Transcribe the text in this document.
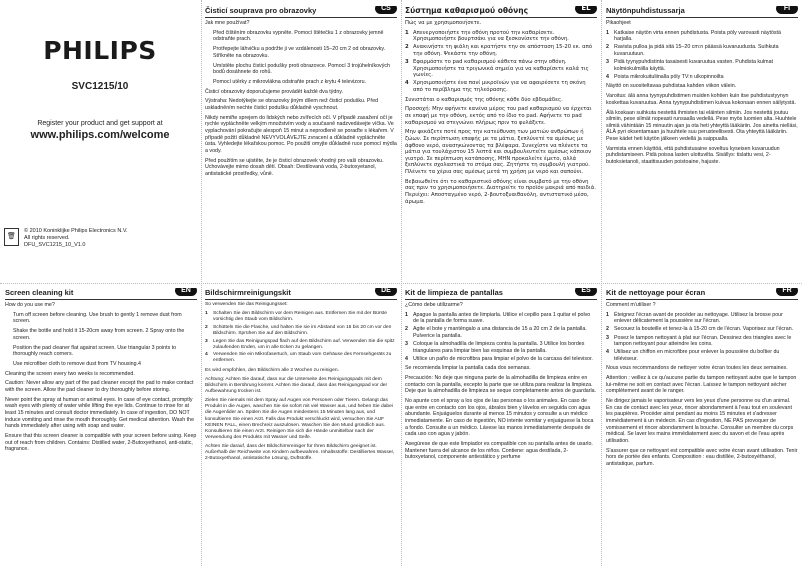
PHILIPS
SVC1215/10
Register your product and get support at
www.philips.com/welcome
🗑
© 2010 Koninklijke Philips Electronics N.V.
All rights reserved.
DFU_SVC1215_10_V1.0
Čisticí souprava pro obrazovky	CS

Jak mne používat?

Před čištěním obrazovku vypněte. Pomocí štětečku 1 z obrazovky jemně odstraňte prach.

Protřepejte láhvičku a podržte ji ve vzdálenosti 15–20 cm 2 od obrazovky. Stříkněte na obrazovku.

Umístěte plochu čisticí podušky proti obrazovce. Pomocí 3 trojúhelníkových bodů dosáhnete do rohů.

Pomocí utěrky z mikrovlákna odstraňte prach z krytu 4 televizoru.

Čisticí obrazovky doporučujeme provádět každé dva týdny.

Výstraha: Nedotýkejte se obrazovky jiným dílem než čisticí podušku. Před uskladněním nechte čisticí podušku důkladně vyschnout.

Nikdy nemiřte sprejem do lidských nebo zvířecích očí. V případě zasažení očí je rychle vypláchněte velkým množstvím vody a současně nadzvedávejte víčka. Ve vyplachování pokračujte alespoň 15 minut a neprodleně se poraďte s lékařem. V případě požití důkladně NEVYVOLÁVEJTE zvracení a důkladně vypláchněte ústa. Vyhledejte lékařskou pomoc. Po použití omyjte důkladně ruce pomocí mýdla a vody.

Před použitím se ujistěte, že je čisticí obrazovek vhodný pro vaši obrazovku. Uchovávejte mimo dosah dětí. Obsah: Destilovaná voda, 2-butoxyetanol, antistatické prostředky, vůně.

Σύστημα καθαρισμού οθόνης	EL

Πώς να με χρησιμοποιήσετε.

1 Απενεργοποιήστε την οθόνη προτού την καθαρίσετε. Χρησιμοποιήστε βουρτσάκι για να ξεσκονίσετε την οθόνη.
2 Ανακινήστε τη φιάλη και κρατήστε την σε απόσταση 15-20 εκ. από την οθόνη. Ψεκάστε την οθόνη.
3 Εφαρμόστε το pad καθαρισμού κάθετα πάνω στην οθόνη. Χρησιμοποιήστε τα τριγωνικά σημεία για να καθαρίσετε καλά τις γωνίες.
4 Χρησιμοποιήστε ένα πανί μικροϊνών για να αφαιρέσετε τη σκόνη από το περίβλημα της τηλεόρασης.

Συνιστάται ο καθαρισμός της οθόνης κάθε δύο εβδομάδες.

Προσοχή: Μην αφήνετε κανένα μέρος του pad καθαρισμού να έρχεται σε επαφή με την οθόνη, εκτός από το ίδιο το pad. Αφήνετε το pad καθαρισμού να στεγνώνει πλήρως πριν το φυλάξετε.

Μην ψεκάζετε ποτέ προς την κατεύθυνση των ματιών ανθρώπων ή ζώων. Σε περίπτωση επαφής με τα μάτια, ξεπλύνετέ τα αμέσως με άφθονο νερό, ανασηκώνοντας τα βλέφαρα. Συνεχίστε να πλένετε τα μάτια για τουλάχιστον 15 λεπτά και συμβουλευτείτε αμέσως κάποιον γιατρό. Σε περίπτωση κατάποσης, ΜΗΝ προκαλείτε έμετο, αλλά ξεπλύνετε σχολαστικά το στόμα σας. Ζητήστε τη συμβουλή γιατρού. Πλένετε τα χέρια σας αμέσως μετά τη χρήση με νερό και σαπούνι.

Βεβαιωθείτε ότι το καθαριστικό οθόνης είναι συμβατό με την οθόνη σας πριν το χρησιμοποιήσετε. Διατηρείτε το προϊόν μακριά από παιδιά. Περιέχει: Αποσταγμένο νερό, 2-βουτοξυαιθανόλη, αντιστατικό μέσο, άρωμα.

Näytönpuhdistussarja	FI

Pikaohjeet

1 Katkaise näytön virta ennen puhdistusta. Poista pöly varovasti näytöstä harjalla.
2 Ravista pulloa ja pidä sitä 15–20 cm:n päässä kuvaruudusta. Suihkuta kuvaruutuun.
3 Pidä tyynypuhdistinta tasaisesti kuvaruutua vasten. Puhdista kulmat kolmiokulmiilla käyttä.
4 Poista mikrokuituliinalla pöly TV:n ulkopinnoilta

Näyttö on suositeltavaa puhdistaa kahden viikon välein.

Varoitus: älä anna tyynypuhdistimen muiden kohtien kuin itse puhdistustyynyn koskettaa kuvaruutua. Anna tyynypuhdistimen kuivua kokonaan ennen säilytystä.

Älä koskaan suihkuta nestettä ihmisten tai eläinten silmiin. Jos nestettä joutuu silmiin, pese silmät nopeasti runsaalla vedellä. Pese myös luomien alta. Huuhtele silmiä vähintään 15 minuutin ajan ja ota heti yhteyttä lääkäriin. Jos ainetta nielläsi, ÄLÄ pyri oksentamaan ja huuhtele suu perusteellisesti. Ota yhteyttä lääkäriin. Pese kädet heti käytön jälkeen vedellä ja saippualla.

Varmista ennen käyttöä, että puhdistusaine soveltuu kyseisen kuvaruudun puhdistamiseen. Pidä poissa lasten ulottuvilta. Sisällys: tislattu vesi, 2-butoksietanoli, staattisuuden poistoaine, hajuste.

Screen cleaning kit	EN

How do you use me?

Turn off screen before cleaning. Use brush to gently 1 remove dust from screen.

Shake the bottle and hold it 15-20cm away from screen. 2 Spray onto the screen.

Position the pad cleaner flat against screen. Use triangular 3 points to thoroughly reach corners.

Use microfiber cloth to remove dust from TV housing.4

Cleaning the screen every two weeks is recommended.

Caution: Never allow any part of the pad cleaner except the pad to make contact with the screen. Allow the pad cleaner to dry thoroughly before storing.

Never point the spray at human or animal eyes. In case of eye contact, promptly wash eyes with plenty of water while lifting the eye lids. Continue to rinse for at least 15 minutes and consult doctor immediately. In case of ingestion, DO NOT induce vomiting and rinse the mouth thoroughly. Get medical attention. Wash the hands immediately after using with soap and water.

Ensure that this screen cleaner is compatible with your screen before using. Keep out of reach from children. Contains: Distilled water, 2-Butoxyethanol, anti-static, fragrance.

Bildschirmreinigungskit	DE

So verwenden Sie das Reinigungsset:

1 Schalten Sie den Bildschirm vor dem Reinigen aus. Entfernen Sie mit der Bürste vorsichtig den Staub vom Bildschirm.
2 Schütteln Sie die Flasche, und halten Sie sie im Abstand von 15 bis 20 cm vor den Bildschirm. Sprühen Sie auf den Bildschirm.
3 Legen Sie das Reinigungspad flach auf den Bildschirm auf. Verwenden Sie die spitz zulaufenden Enden, um in alle Ecken zu gelangen.
4 Verwenden Sie ein Mikrofasertuch, um Staub vom Gehäuse des Fernsehgeräts zu entfernen.

Es wird empfohlen, den Bildschirm alle 2 Wochen zu reinigen.

Achtung: Achten Sie darauf, dass nur die Unterseite des Reinigungspads mit dem Bildschirm in Berührung kommt. Achten Sie darauf, dass das Reinigungspad vor der Aufbewahrung trocken ist.

Zielen Sie niemals mit dem Spray auf Augen von Personen oder Tieren. Gelangt das Produkt in die Augen, waschen Sie sie sofort mit viel Wasser aus, und heben Sie dabei die Augenlider an. Spülen Sie die Augen mindestens 15 Minuten lang aus, und konsultieren Sie einen Arzt. Falls das Produkt verschluckt wird, versuchen Sie AUF KEINEN FALL, einen Brechreiz auszulösen. Waschen Sie den Mund gründlich aus. Konsultieren Sie einen Arzt. Reinigen Sie sich die Hände unmittelbar nach der Verwendung des Produkts mit Wasser und Seife.

Achten Sie darauf, dass der Bildschirmreiniger für Ihren Bildschirm geeignet ist. Außerhalb der Reichweite von Kindern aufbewahren. Inhaltsstoffe: Destilliertes Wasser, 2-Butoxyethanol, antistatische Lösung, Duftstoffe.

Kit de limpieza de pantallas	ES

¿Cómo debe utilizarme?

1 Apague la pantalla antes de limpiarla. Utilice el cepillo para 1 quitar el polvo de la pantalla de forma suave.
2 Agite el bote y manténgalo a una distancia de 15 a 20 cm 2 de la pantalla. Pulverice la pantalla.
3 Coloque la almohadilla de limpieza contra la pantalla. 3 Utilice los bordes triangulares para limpiar bien las esquinas de la pantalla.
4 Utilice un paño de microfibra para limpiar el polvo de la carcasa del televisor.

Se recomienda limpiar la pantalla cada dos semanas.

Precaución: No deje que ninguna parte de la almohadilla de limpieza entre en contacto con la pantalla, excepto la parte que se utiliza para realizar la limpieza. Deje que la almohadilla de limpieza se seque completamente antes de guardarla.

No apunte con el spray a los ojos de las personas o los animales. En caso de que entre en contacto con los ojos, ábralos bien y lávelos en seguida con agua abundante. Enjuáguelos durante al menos 15 minutos y consulte a un médico inmediatamente. En caso de ingestión, NO intente vomitar y enjuáguese la boca a fondo. Consulte a un médico. Lávese las manos inmediatamente después de cada uso con agua y jabón.

Asegúrese de que este limpiador es compatible con su pantalla antes de usarlo. Mantener fuera del alcance de los niños. Contiene: agua destilada, 2-butoxyetanol, componente antiestático y perfume

Kit de nettoyage pour écran	FR

Comment m'utiliser ?

1 Éteignez l'écran avant de procéder au nettoyage. Utilisez la brosse pour enlever délicatement la poussière sur l'écran.
2 Secouez la bouteille et tenez-la à 15-20 cm de l'écran. Vaporisez sur l'écran.
3 Posez le tampon nettoyant à plat sur l'écran. Dessinez des triangles avec le tampon nettoyant pour atteindre les coins.
4 Utilisez un chiffon en microfibre pour enlever la poussière du boîtier du téléviseur.

Nous vous recommandons de nettoyer votre écran toutes les deux semaines.

Attention : veillez à ce qu'aucune partie du tampon nettoyant autre que le tampon lui-même ne soit en contact avec l'écran. Laissez le tampon nettoyant sécher complètement avant de le ranger.

Ne dirigez jamais le vaporisateur vers les yeux d'une personne ou d'un animal. En cas de contact avec les yeux, rincer abondamment à l'eau tout en soulevant les paupières. Procéder ainsi pendant au moins 15 minutes et s'adresser immédiatement à un médecin. En cas d'ingestion, NE PAS provoquer de vomissement et rincer abondamment la bouche. Consulter un membre du corps médical. Se laver les mains immédiatement avec du savon et de l'eau après utilisation.

S'assurer que ce nettoyant est compatible avec votre écran avant utilisation. Tenir hors de portée des enfants. Composition : eau distillée, 2-butoxyéthanol, antistatique, parfum.
